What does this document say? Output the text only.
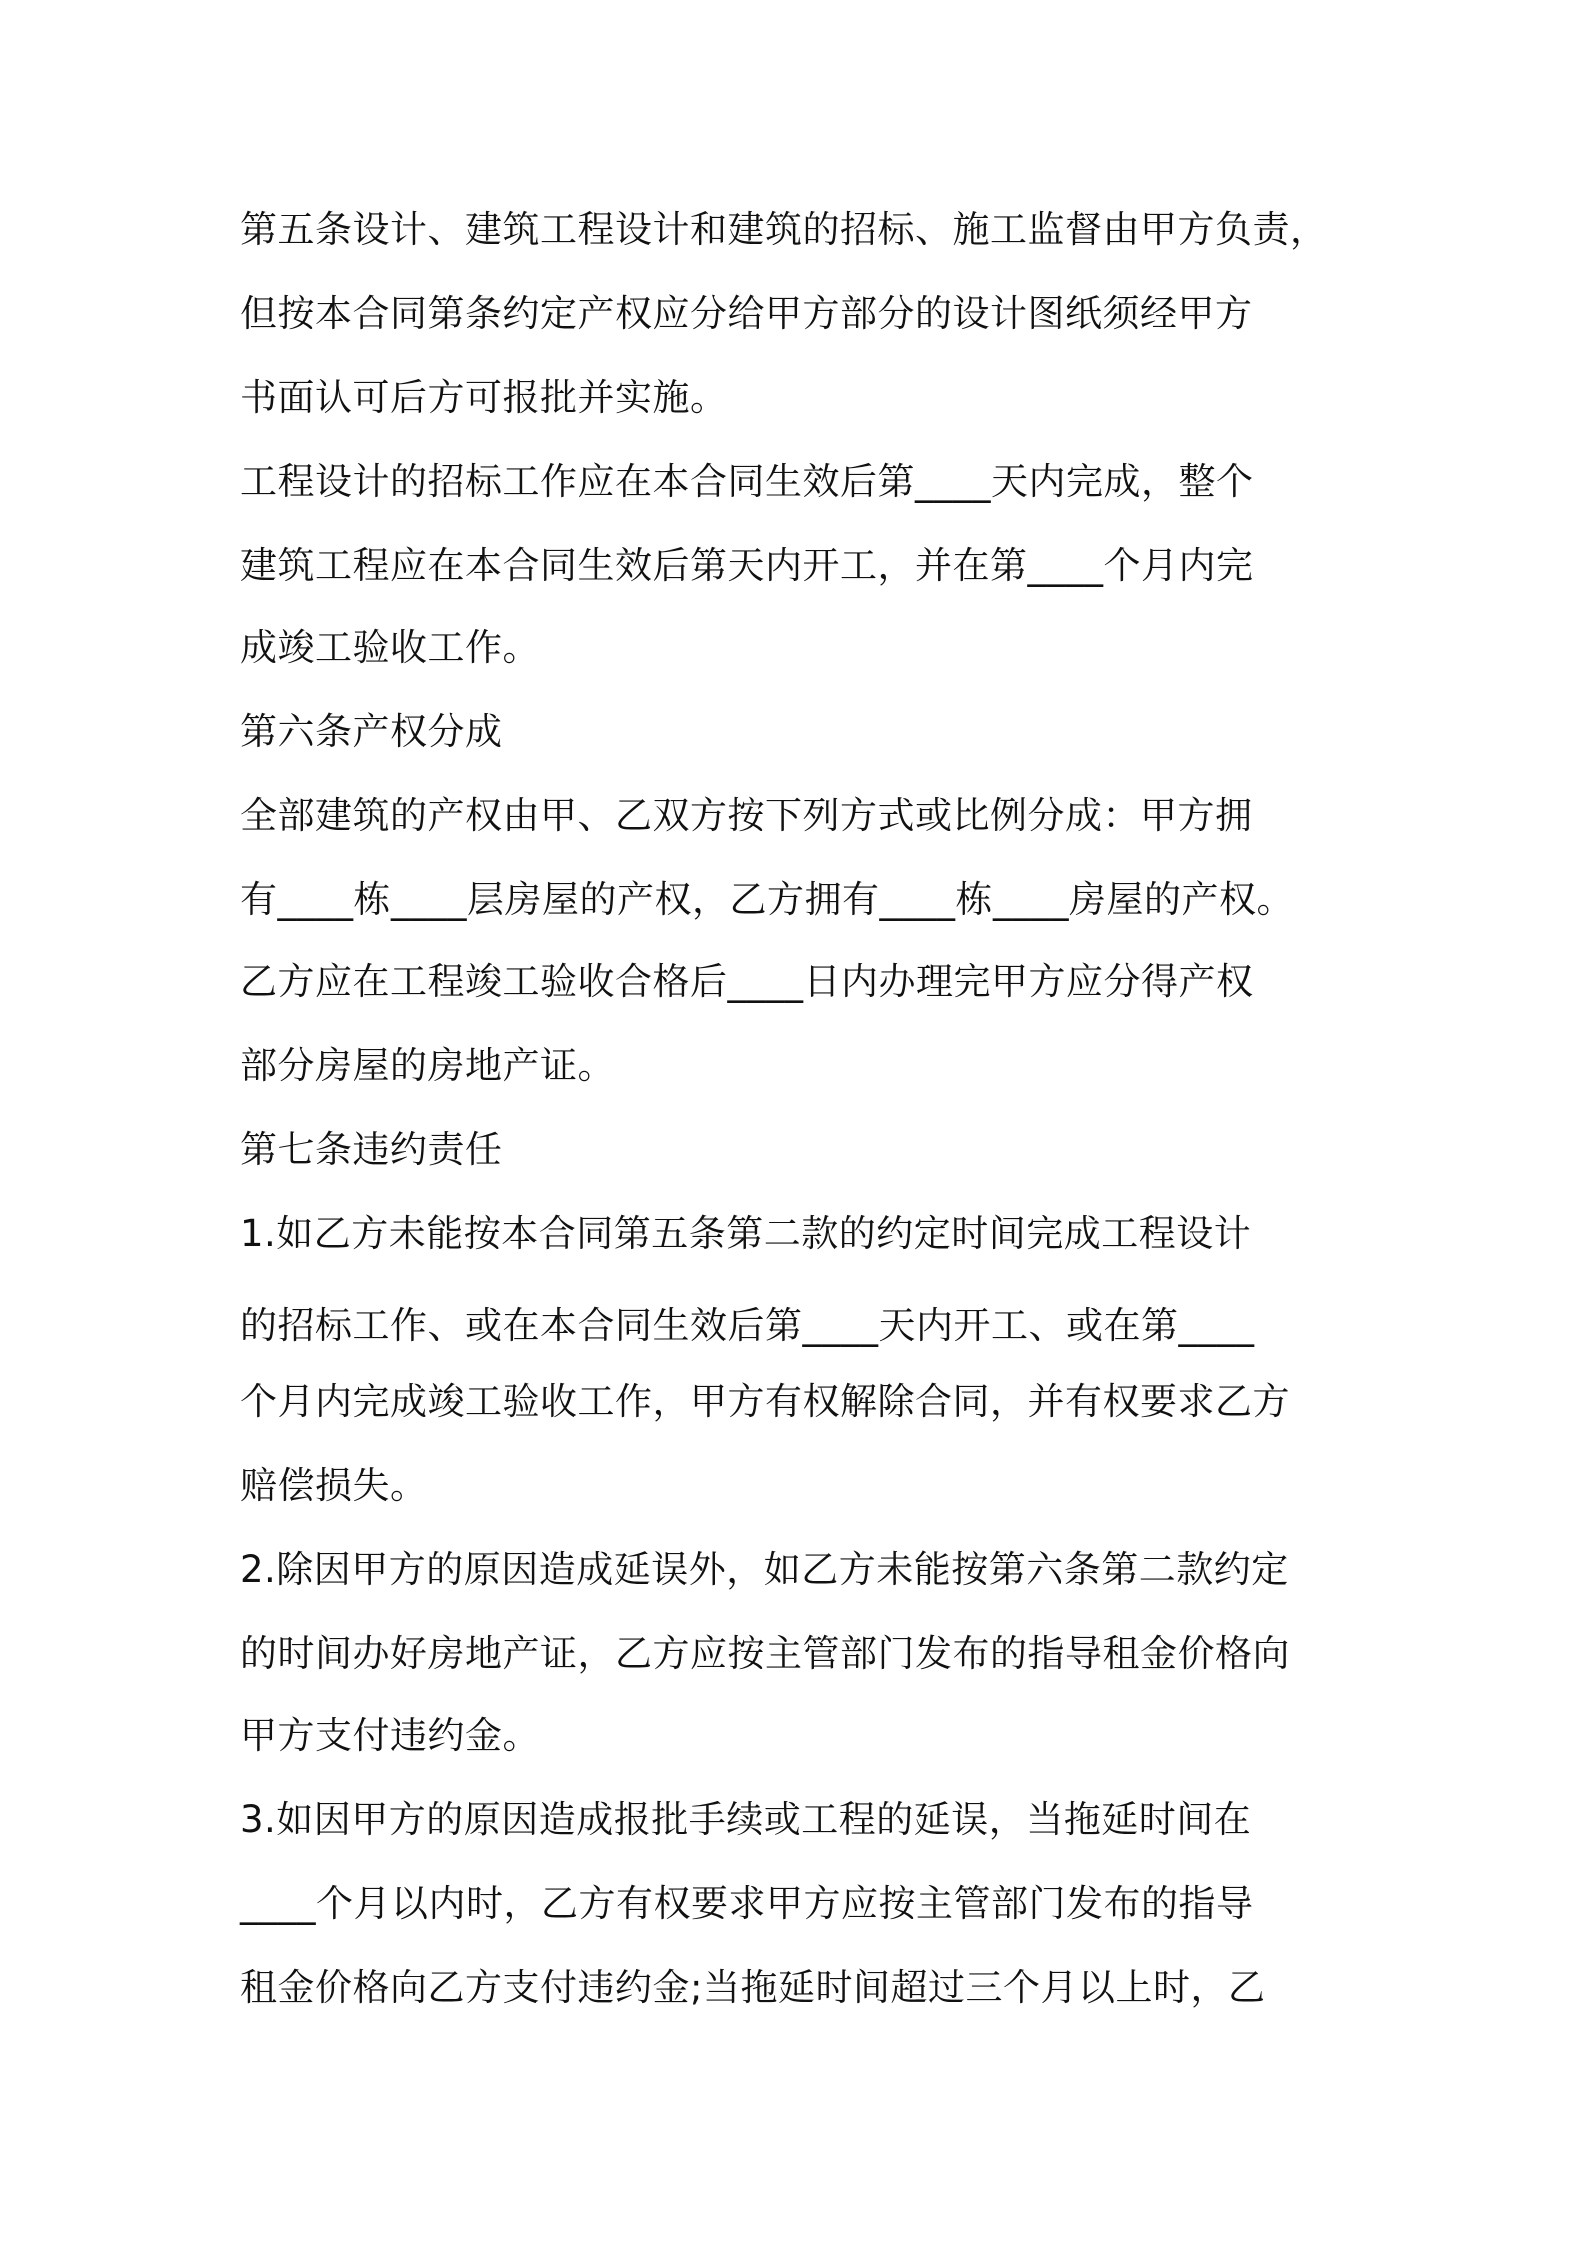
第五条设计、建筑工程设计和建筑的招标、施工监督由甲方负责，
但按本合同第条约定产权应分给甲方部分的设计图纸须经甲方
书面认可后方可报批并实施。
工程设计的招标工作应在本合同生效后第____天内完成，整个
建筑工程应在本合同生效后第天内开工，并在第____个月内完
成竣工验收工作。
第六条产权分成
全部建筑的产权由甲、乙双方按下列方式或比例分成：甲方拥
有____栋____层房屋的产权，乙方拥有____栋____房屋的产权。
乙方应在工程竣工验收合格后____日内办理完甲方应分得产权
部分房屋的房地产证。
第七条违约责任
1.如乙方未能按本合同第五条第二款的约定时间完成工程设计
的招标工作、或在本合同生效后第____天内开工、或在第____
个月内完成竣工验收工作，甲方有权解除合同，并有权要求乙方
赔偿损失。
2.除因甲方的原因造成延误外，如乙方未能按第六条第二款约定
的时间办好房地产证，乙方应按主管部门发布的指导租金价格向
甲方支付违约金。
3.如因甲方的原因造成报批手续或工程的延误，当拖延时间在
____个月以内时，乙方有权要求甲方应按主管部门发布的指导
租金价格向乙方支付违约金;当拖延时间超过三个月以上时，乙
